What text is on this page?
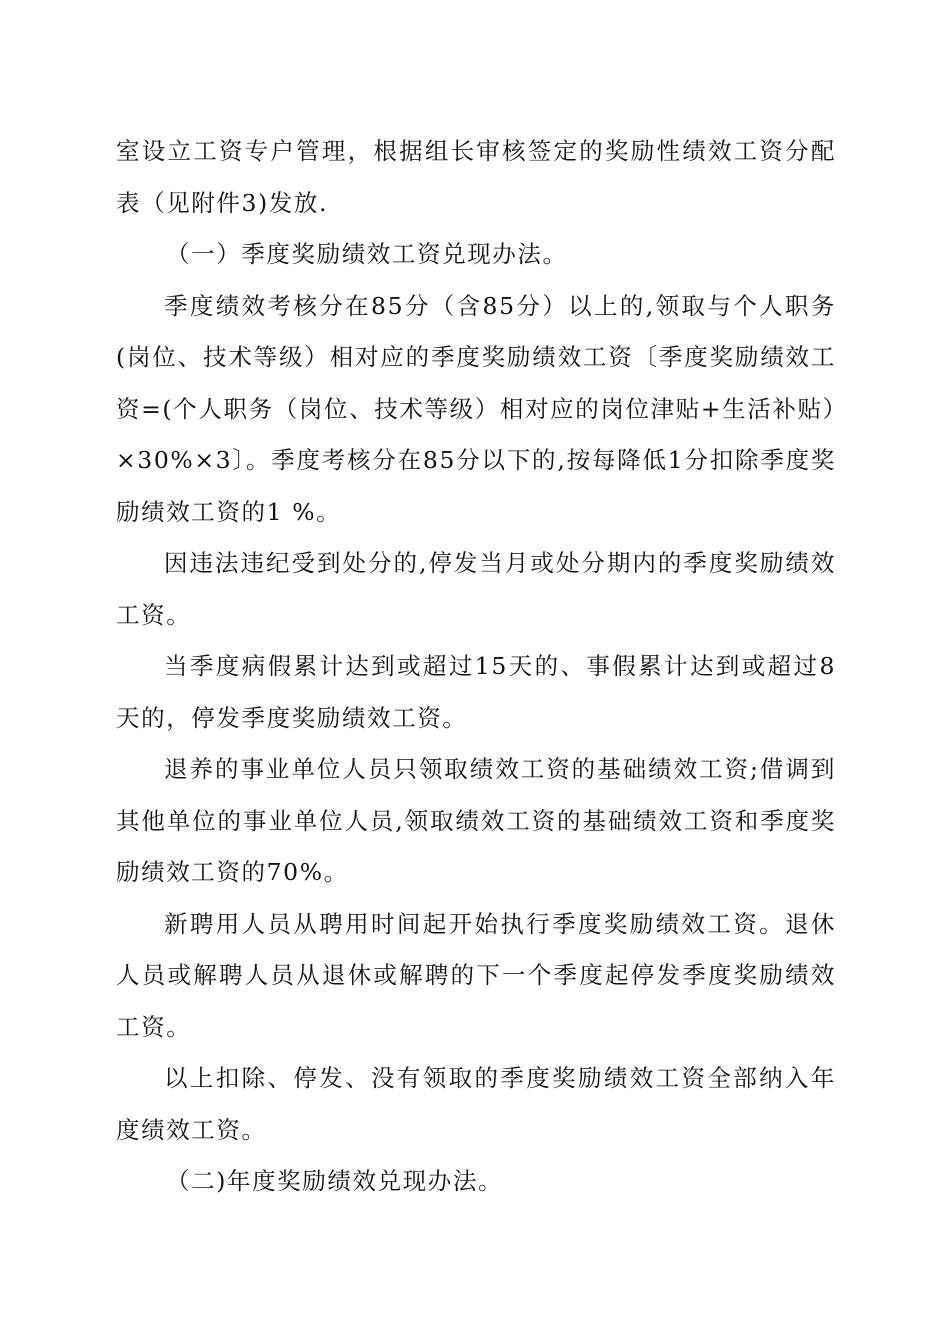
室设立工资专户管理，根据组长审核签定的奖励性绩效工资分配表（见附件3)发放.

（一）季度奖励绩效工资兑现办法。

季度绩效考核分在85分（含85分）以上的,领取与个人职务(岗位、技术等级）相对应的季度奖励绩效工资〔季度奖励绩效工资=(个人职务（岗位、技术等级）相对应的岗位津贴+生活补贴）×30%×3〕。季度考核分在85分以下的,按每降低1分扣除季度奖励绩效工资的1 %。

因违法违纪受到处分的,停发当月或处分期内的季度奖励绩效工资。

当季度病假累计达到或超过15天的、事假累计达到或超过8天的，停发季度奖励绩效工资。

退养的事业单位人员只领取绩效工资的基础绩效工资;借调到其他单位的事业单位人员,领取绩效工资的基础绩效工资和季度奖励绩效工资的70%。

新聘用人员从聘用时间起开始执行季度奖励绩效工资。退休人员或解聘人员从退休或解聘的下一个季度起停发季度奖励绩效工资。

以上扣除、停发、没有领取的季度奖励绩效工资全部纳入年度绩效工资。

（二)年度奖励绩效兑现办法。
